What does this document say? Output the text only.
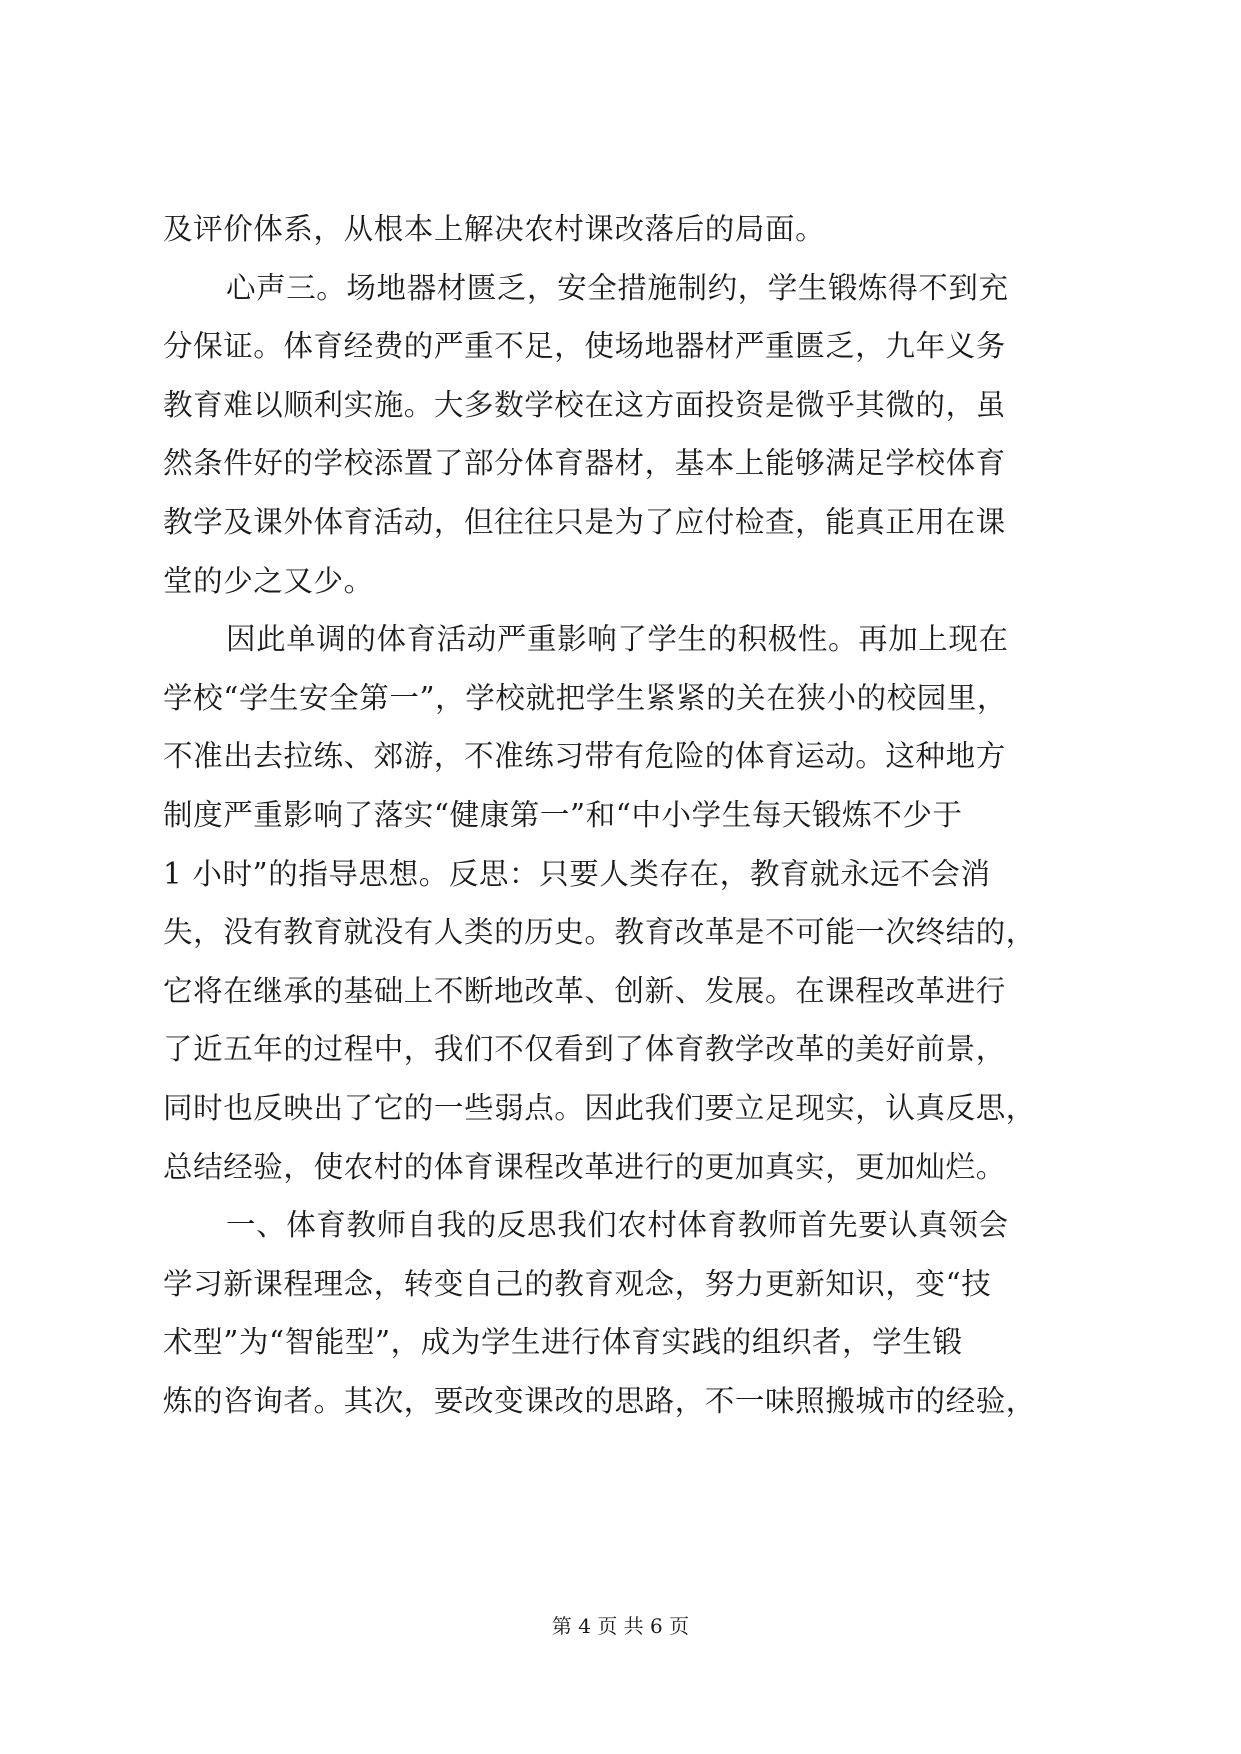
及评价体系，从根本上解决农村课改落后的局面。
心声三。场地器材匮乏，安全措施制约，学生锻炼得不到充
分保证。体育经费的严重不足，使场地器材严重匮乏，九年义务
教育难以顺利实施。大多数学校在这方面投资是微乎其微的，虽
然条件好的学校添置了部分体育器材，基本上能够满足学校体育
教学及课外体育活动，但往往只是为了应付检查，能真正用在课
堂的少之又少。
因此单调的体育活动严重影响了学生的积极性。再加上现在
学校“学生安全第一”，学校就把学生紧紧的关在狭小的校园里，
不准出去拉练、郊游，不准练习带有危险的体育运动。这种地方
制度严重影响了落实“健康第一”和“中小学生每天锻炼不少于
1 小时”的指导思想。反思：只要人类存在，教育就永远不会消
失，没有教育就没有人类的历史。教育改革是不可能一次终结的，
它将在继承的基础上不断地改革、创新、发展。在课程改革进行
了近五年的过程中，我们不仅看到了体育教学改革的美好前景，
同时也反映出了它的一些弱点。因此我们要立足现实，认真反思，
总结经验，使农村的体育课程改革进行的更加真实，更加灿烂。
一、体育教师自我的反思我们农村体育教师首先要认真领会
学习新课程理念，转变自己的教育观念，努力更新知识，变“技
术型”为“智能型”，成为学生进行体育实践的组织者，学生锻
炼的咨询者。其次，要改变课改的思路，不一味照搬城市的经验，
第 4 页 共 6 页
